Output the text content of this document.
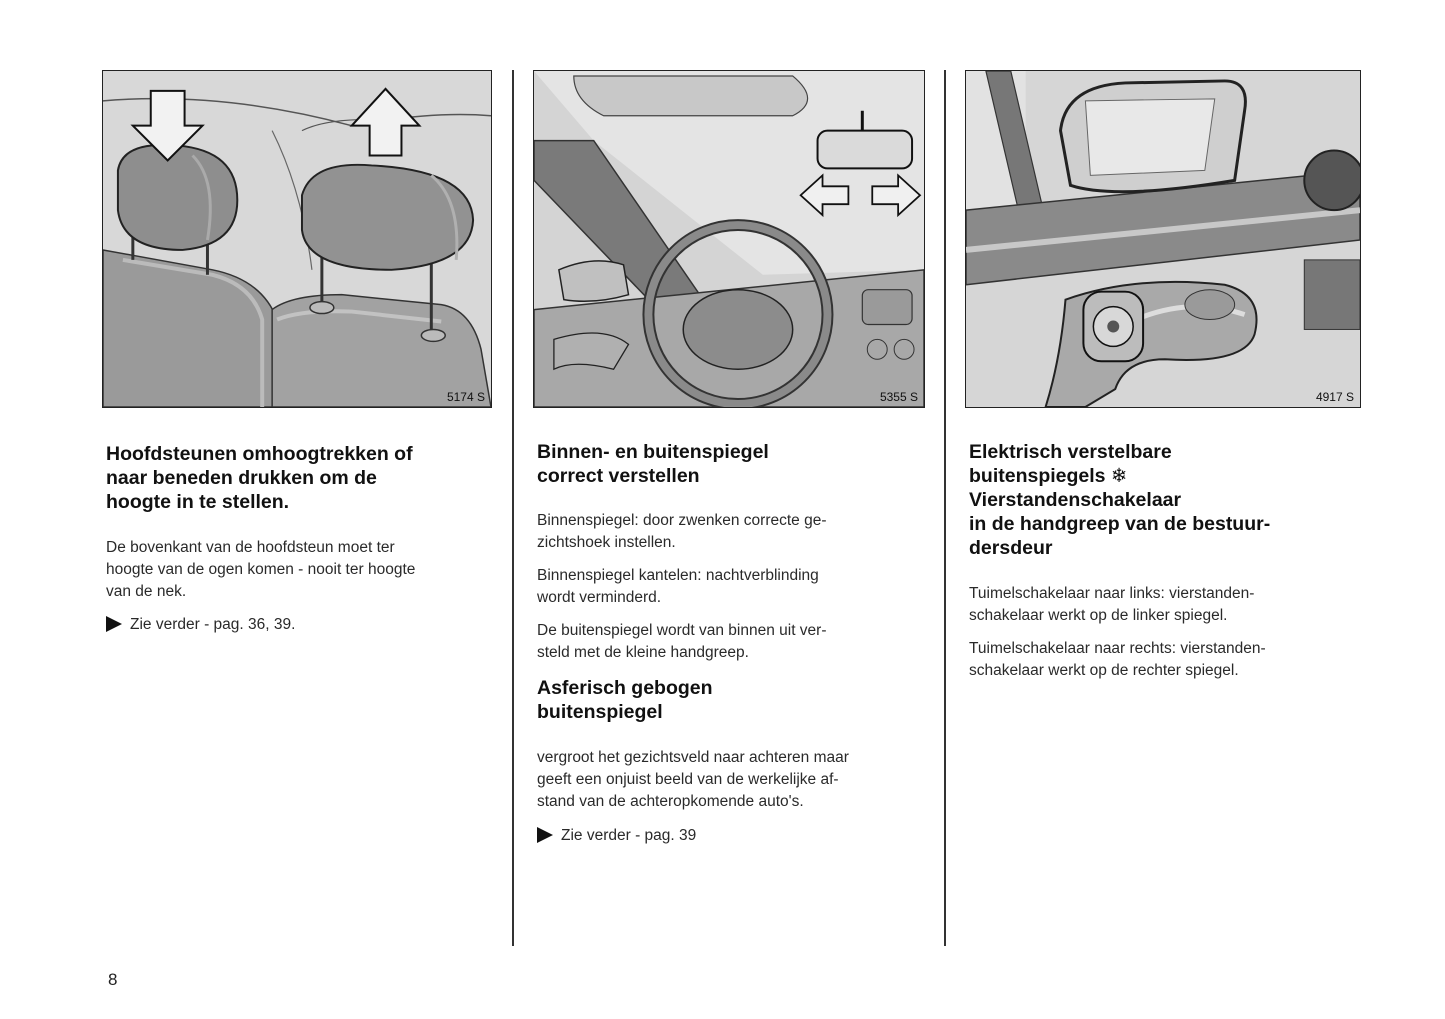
5174 S
Hoofdsteunen omhoogtrekken of
naar beneden drukken om de
hoogte in te stellen.

De bovenkant van de hoofdsteun moet ter
hoogte van de ogen komen - nooit ter hoogte
van de nek.

Zie verder - pag. 36, 39.

5355 S
Binnen- en buitenspiegel
correct verstellen

Binnenspiegel: door zwenken correcte ge-
zichtshoek instellen.

Binnenspiegel kantelen: nachtverblinding
wordt verminderd.

De buitenspiegel wordt van binnen uit ver-
steld met de kleine handgreep.

Asferisch gebogen
buitenspiegel

vergroot het gezichtsveld naar achteren maar
geeft een onjuist beeld van de werkelijke af-
stand van de achteropkomende auto's.

Zie verder - pag. 39

4917 S
Elektrisch verstelbare
buitenspiegels ❄
Vierstandenschakelaar
in de handgreep van de bestuur-
dersdeur

Tuimelschakelaar naar links: vierstanden-
schakelaar werkt op de linker spiegel.

Tuimelschakelaar naar rechts: vierstanden-
schakelaar werkt op de rechter spiegel.

8
